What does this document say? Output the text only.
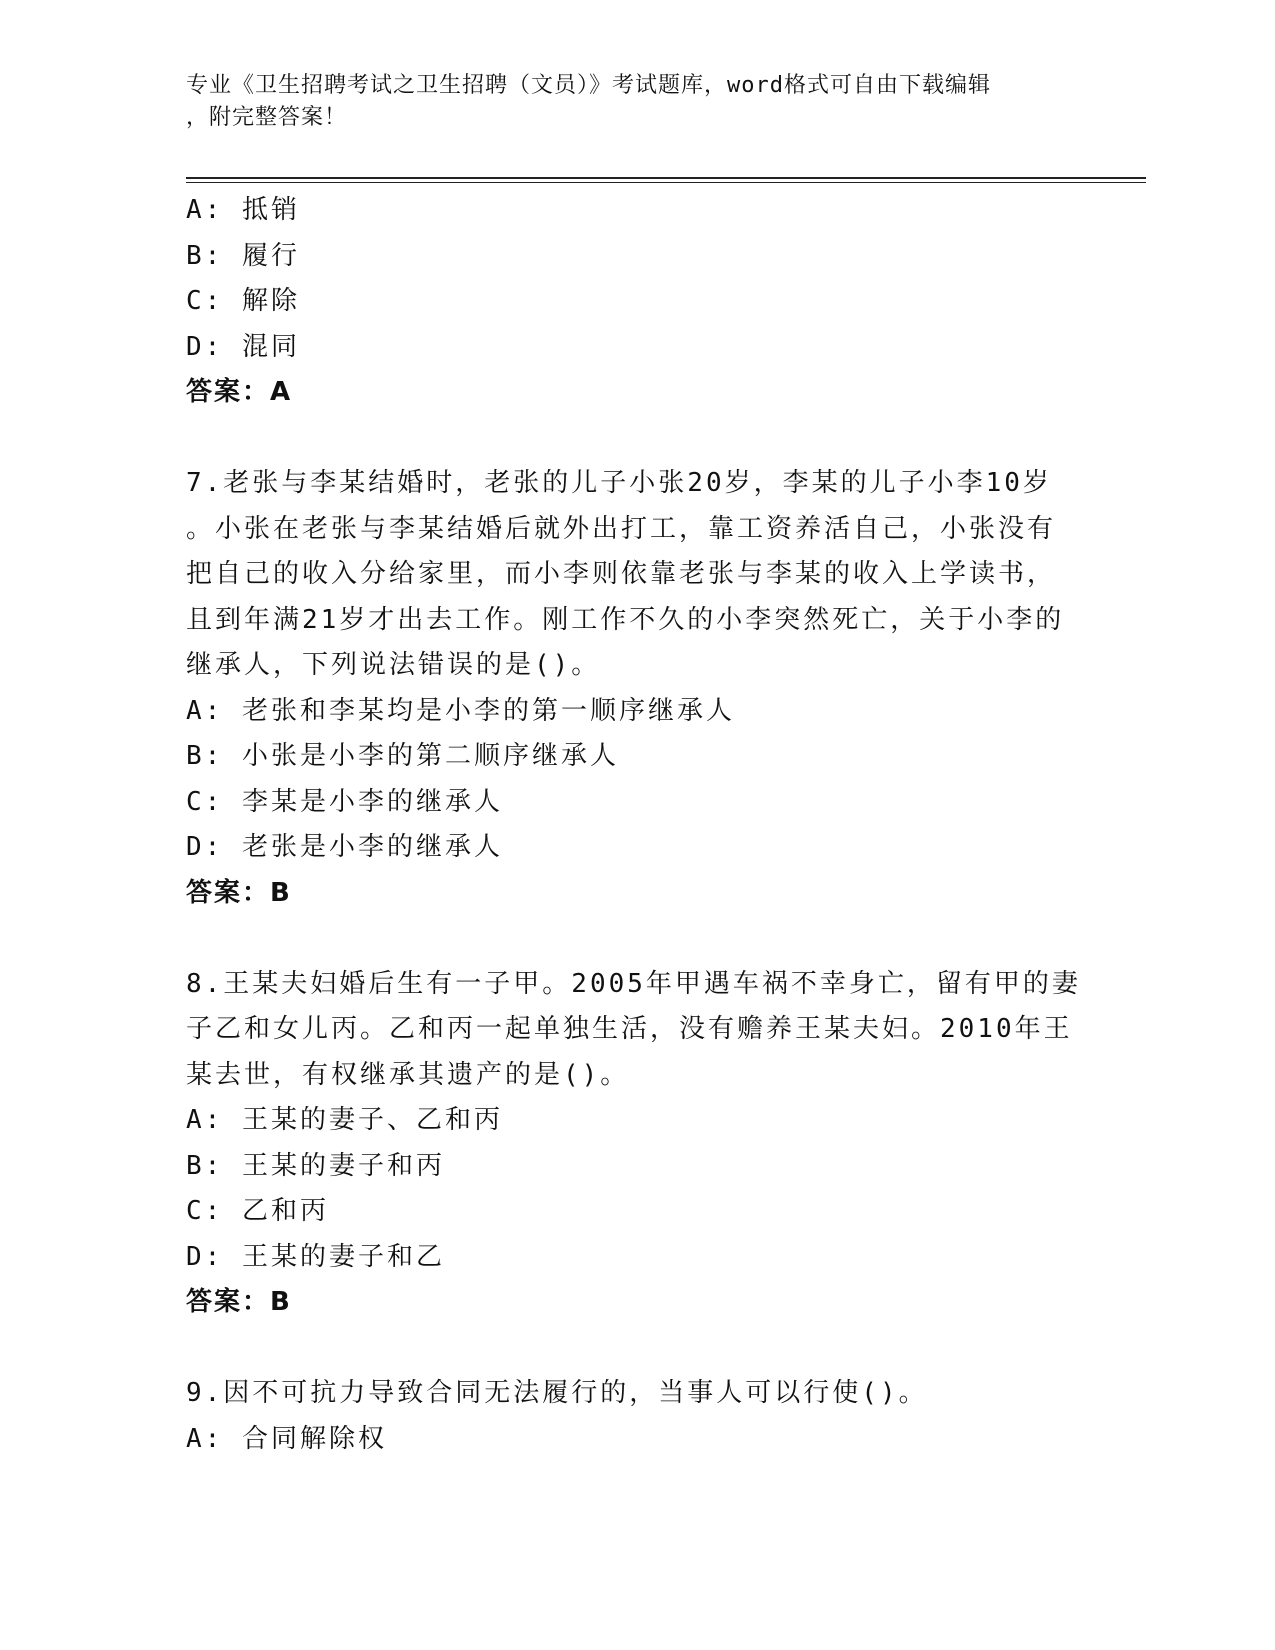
专业《卫生招聘考试之卫生招聘（文员）》考试题库，word格式可自由下载编辑
，附完整答案！
A: 抵销
B: 履行
C: 解除
D: 混同
答案：A
7.老张与李某结婚时，老张的儿子小张20岁，李某的儿子小李10岁
。小张在老张与李某结婚后就外出打工，靠工资养活自己，小张没有
把自己的收入分给家里，而小李则依靠老张与李某的收入上学读书，
且到年满21岁才出去工作。刚工作不久的小李突然死亡，关于小李的
继承人，下列说法错误的是()。
A: 老张和李某均是小李的第一顺序继承人
B: 小张是小李的第二顺序继承人
C: 李某是小李的继承人
D: 老张是小李的继承人
答案：B
8.王某夫妇婚后生有一子甲。2005年甲遇车祸不幸身亡，留有甲的妻
子乙和女儿丙。乙和丙一起单独生活，没有赡养王某夫妇。2010年王
某去世，有权继承其遗产的是()。
A: 王某的妻子、乙和丙
B: 王某的妻子和丙
C: 乙和丙
D: 王某的妻子和乙
答案：B
9.因不可抗力导致合同无法履行的，当事人可以行使()。
A: 合同解除权
